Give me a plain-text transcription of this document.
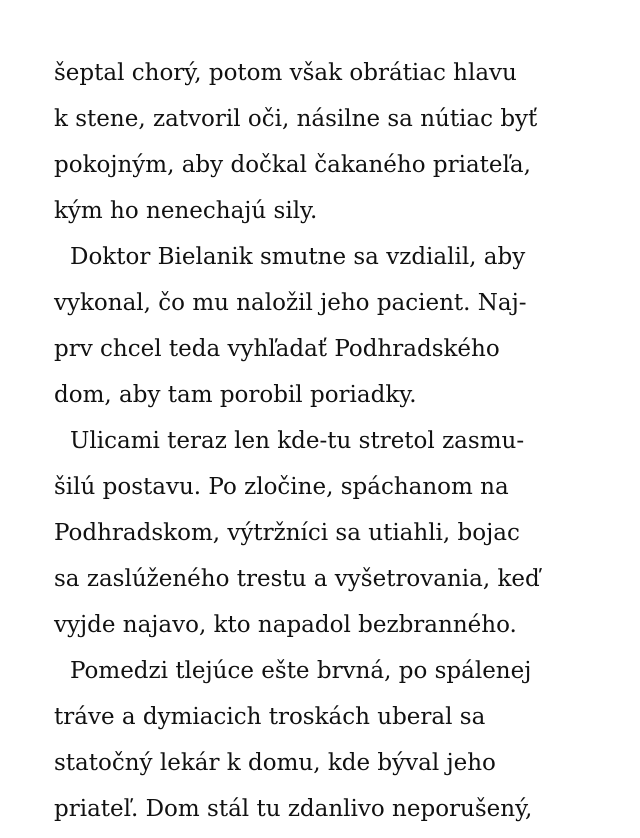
šeptal chorý, potom však obrátiac hlavu
k stene, zatvoril oči, násilne sa nútiac byť
pokojným, aby dočkal čakaného priateľa,
kým ho nenechajú sily.
Doktor Bielanik smutne sa vzdialil, aby
vykonal, čo mu naložil jeho pacient. Naj-
prv chcel teda vyhľadať Podhradského
dom, aby tam porobil poriadky.
Ulicami teraz len kde-tu stretol zasmu-
šilú postavu. Po zločine, spáchanom na
Podhradskom, výtržníci sa utiahli, bojac
sa zaslúženého trestu a vyšetrovania, keď
vyjde najavo, kto napadol bezbranného.
Pomedzi tlejúce ešte brvná, po spálenej
tráve a dymiacich troskách uberal sa
statočný lekár k domu, kde býval jeho
priateľ. Dom stál tu zdanlivo neporušený,
